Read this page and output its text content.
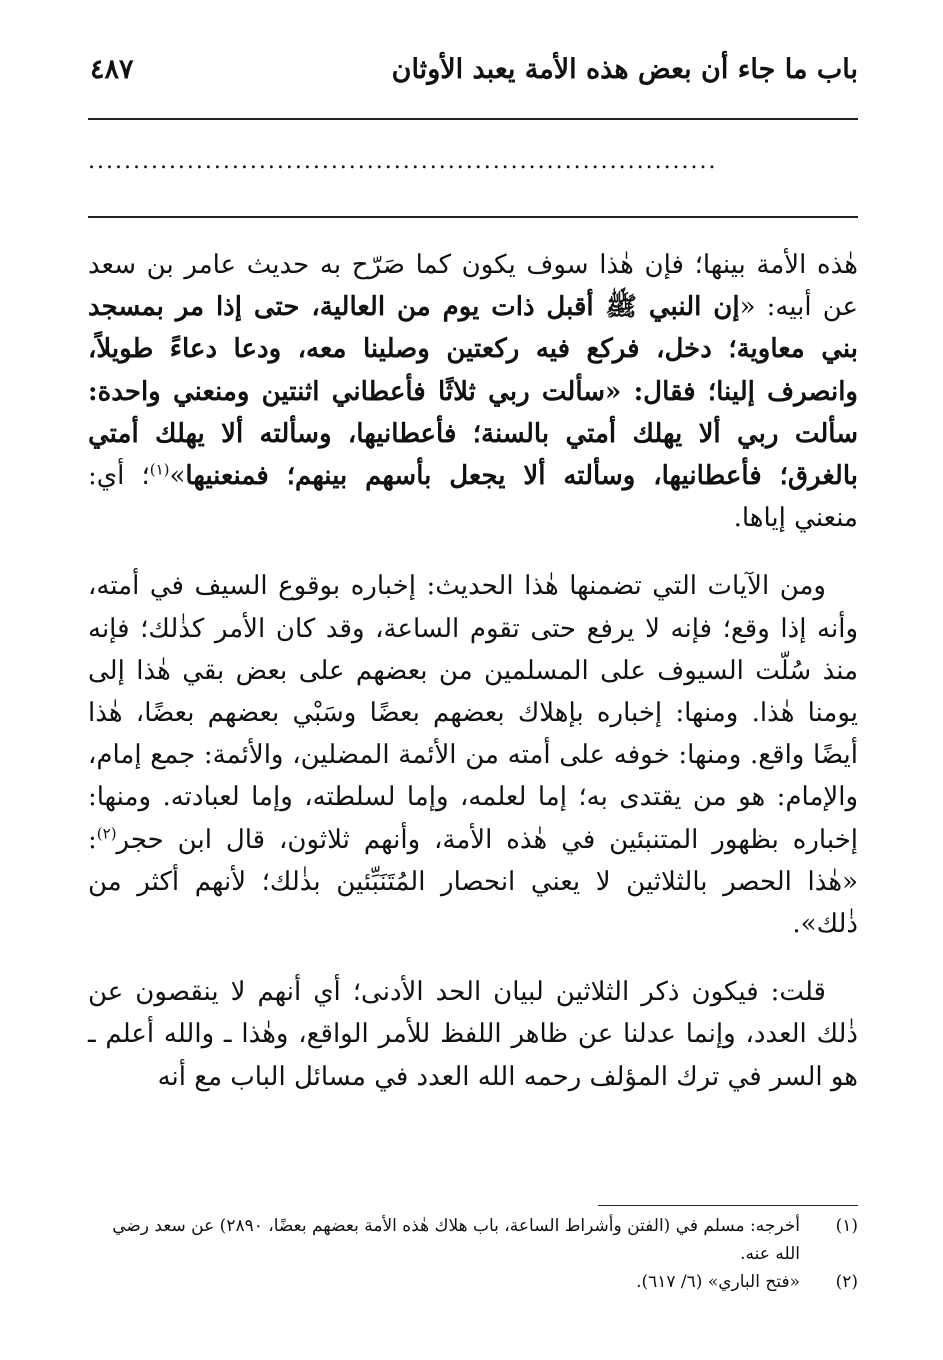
باب ما جاء أن بعض هذه الأمة يعبد الأوثان
٤٨٧
......................................................................

هٰذه الأمة بينها؛ فإن هٰذا سوف يكون كما صَرّح به حديث عامر بن سعد عن أبيه: «إن النبي ﷺ أقبل ذات يوم من العالية، حتى إذا مر بمسجد بني معاوية؛ دخل، فركع فيه ركعتين وصلينا معه، ودعا دعاءً طويلاً، وانصرف إلينا؛ فقال: «سألت ربي ثلاثًا فأعطاني اثنتين ومنعني واحدة: سألت ربي ألا يهلك أمتي بالسنة؛ فأعطانيها، وسألته ألا يهلك أمتي بالغرق؛ فأعطانيها، وسألته ألا يجعل بأسهم بينهم؛ فمنعنيها»$^{(١)}$؛ أي: منعني إياها.

ومن الآيات التي تضمنها هٰذا الحديث: إخباره بوقوع السيف في أمته، وأنه إذا وقع؛ فإنه لا يرفع حتى تقوم الساعة، وقد كان الأمر كذٰلك؛ فإنه منذ سُلّت السيوف على المسلمين من بعضهم على بعض بقي هٰذا إلى يومنا هٰذا. ومنها: إخباره بإهلاك بعضهم بعضًا وسَبْي بعضهم بعضًا، هٰذا أيضًا واقع. ومنها: خوفه على أمته من الأئمة المضلين، والأئمة: جمع إمام، والإمام: هو من يقتدى به؛ إما لعلمه، وإما لسلطته، وإما لعبادته. ومنها: إخباره بظهور المتنبئين في هٰذه الأمة، وأنهم ثلاثون، قال ابن حجر$^{(٢)}$: «هٰذا الحصر بالثلاثين لا يعني انحصار المُتَنَبِّئين بذٰلك؛ لأنهم أكثر من ذٰلك».

قلت: فيكون ذكر الثلاثين لبيان الحد الأدنى؛ أي أنهم لا ينقصون عن ذٰلك العدد، وإنما عدلنا عن ظاهر اللفظ للأمر الواقع، وهٰذا ـ والله أعلم ـ هو السر في ترك المؤلف رحمه الله العدد في مسائل الباب مع أنه

(١)
أخرجه: مسلم في (الفتن وأشراط الساعة، باب هلاك هٰذه الأمة بعضهم بعضًا، ٢٨٩٠) عن سعد رضي الله عنه.
(٢)
«فتح الباري» (٦/ ٦١٧).
